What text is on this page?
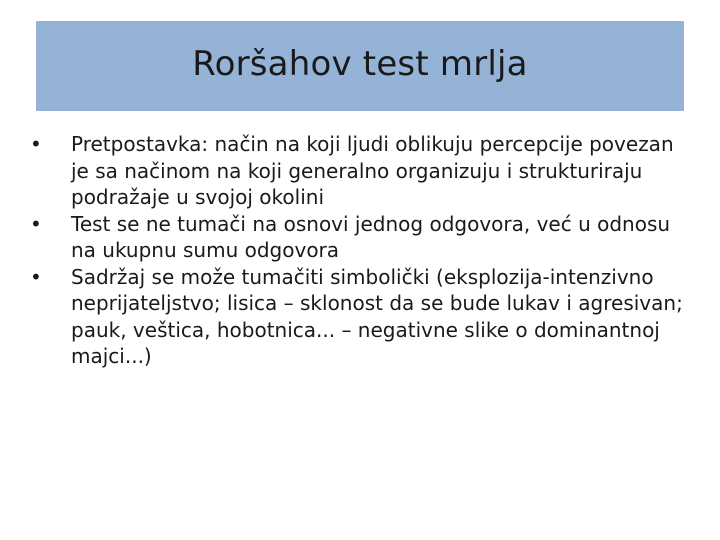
Roršahov test mrlja
•	Pretpostavka: način na koji ljudi oblikuju percepcije povezan je sa načinom na koji generalno organizuju i strukturiraju podražaje u svojoj okolini
•	Test se ne tumači na osnovi jednog odgovora, već u odnosu na ukupnu sumu odgovora
•	Sadržaj se može tumačiti simbolički (eksplozija-intenzivno neprijateljstvo; lisica – sklonost da se bude lukav i agresivan; pauk, veštica, hobotnica... – negativne slike o dominantnoj majci...)
